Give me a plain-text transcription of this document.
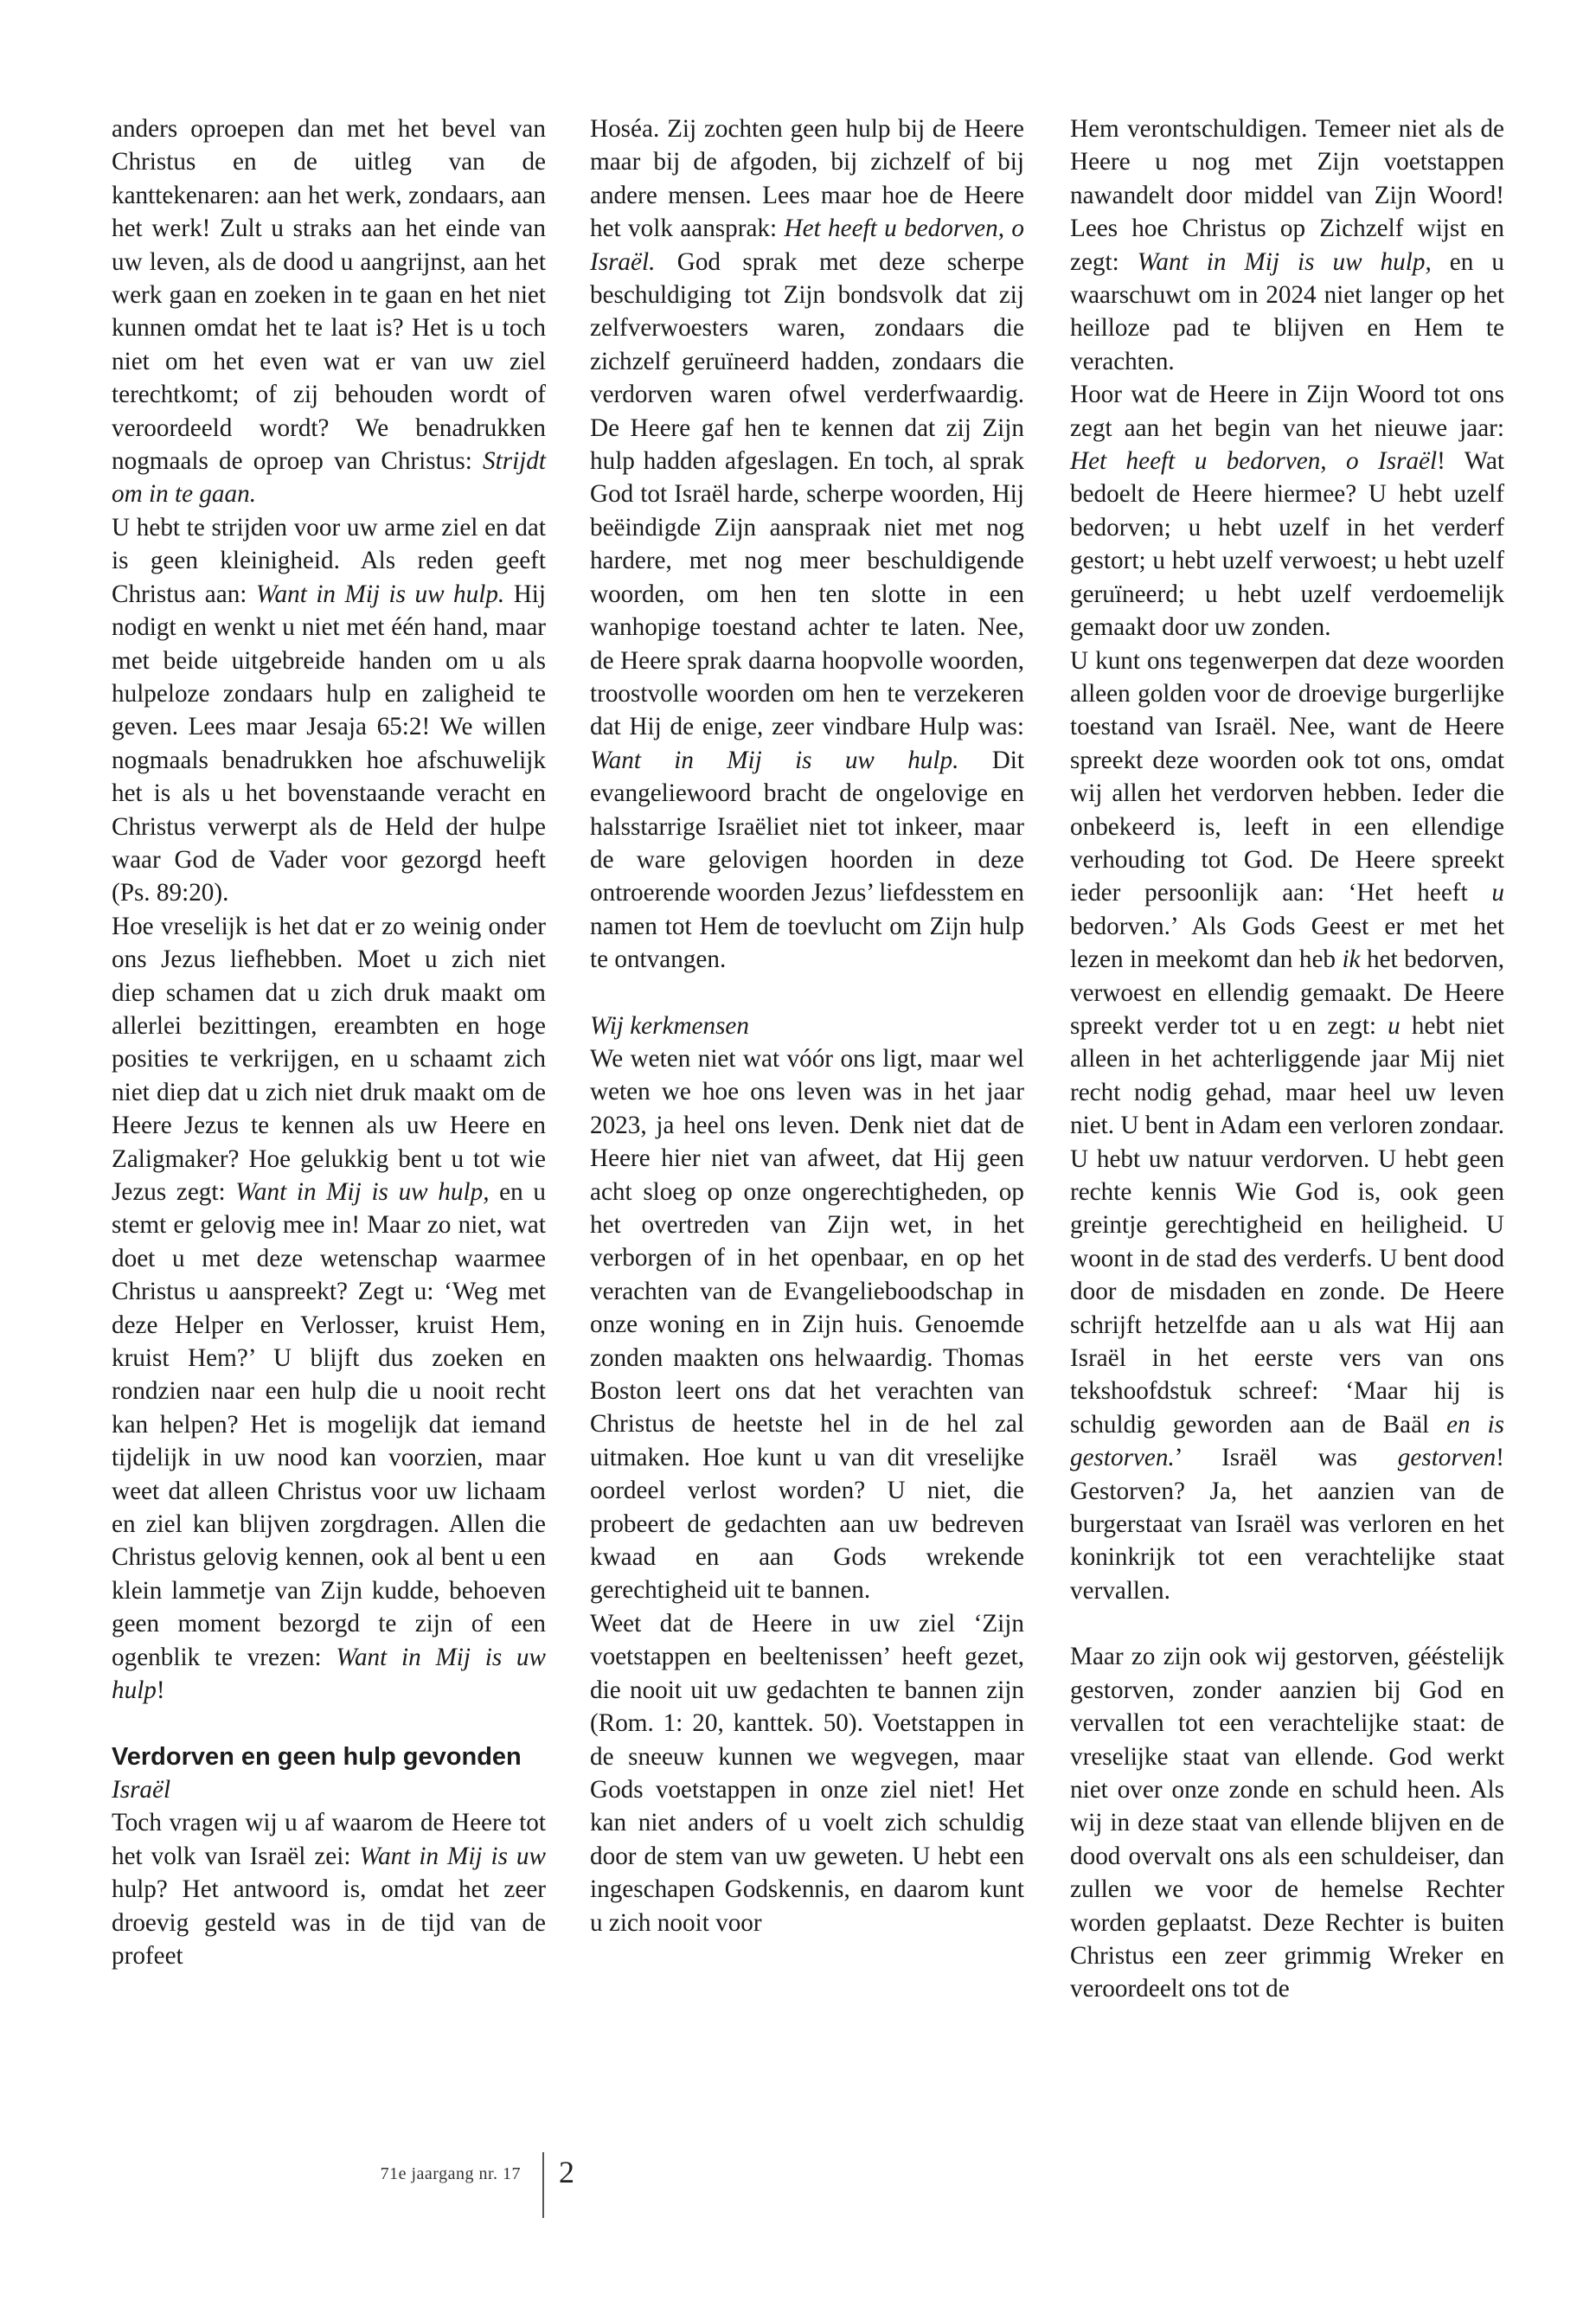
anders oproepen dan met het bevel van Christus en de uitleg van de kanttekenaren: aan het werk, zondaars, aan het werk! Zult u straks aan het einde van uw leven, als de dood u aangrijnst, aan het werk gaan en zoeken in te gaan en het niet kunnen omdat het te laat is? Het is u toch niet om het even wat er van uw ziel terechtkomt; of zij behouden wordt of veroordeeld wordt? We benadrukken nogmaals de oproep van Christus: Strijdt om in te gaan.

U hebt te strijden voor uw arme ziel en dat is geen kleinigheid. Als reden geeft Christus aan: Want in Mij is uw hulp. Hij nodigt en wenkt u niet met één hand, maar met beide uitgebreide handen om u als hulpeloze zondaars hulp en zaligheid te geven. Lees maar Jesaja 65:2! We willen nogmaals benadrukken hoe afschuwelijk het is als u het bovenstaande veracht en Christus verwerpt als de Held der hulpe waar God de Vader voor gezorgd heeft (Ps. 89:20).

Hoe vreselijk is het dat er zo weinig onder ons Jezus liefhebben. Moet u zich niet diep schamen dat u zich druk maakt om allerlei bezittingen, ereambten en hoge posities te verkrijgen, en u schaamt zich niet diep dat u zich niet druk maakt om de Heere Jezus te kennen als uw Heere en Zaligmaker? Hoe gelukkig bent u tot wie Jezus zegt: Want in Mij is uw hulp, en u stemt er gelovig mee in! Maar zo niet, wat doet u met deze wetenschap waarmee Christus u aanspreekt? Zegt u: ‘Weg met deze Helper en Verlosser, kruist Hem, kruist Hem?’ U blijft dus zoeken en rondzien naar een hulp die u nooit recht kan helpen? Het is mogelijk dat iemand tijdelijk in uw nood kan voorzien, maar weet dat alleen Christus voor uw lichaam en ziel kan blijven zorgdragen. Allen die Christus gelovig kennen, ook al bent u een klein lammetje van Zijn kudde, behoeven geen moment bezorgd te zijn of een ogenblik te vrezen: Want in Mij is uw hulp!

Verdorven en geen hulp gevonden

Israël

Toch vragen wij u af waarom de Heere tot het volk van Israël zei: Want in Mij is uw hulp? Het antwoord is, omdat het zeer droevig gesteld was in de tijd van de profeet

Hoséa. Zij zochten geen hulp bij de Heere maar bij de afgoden, bij zichzelf of bij andere mensen. Lees maar hoe de Heere het volk aansprak: Het heeft u bedorven, o Israël. God sprak met deze scherpe beschuldiging tot Zijn bondsvolk dat zij zelfverwoesters waren, zondaars die zichzelf geruïneerd hadden, zondaars die verdorven waren ofwel verderfwaardig. De Heere gaf hen te kennen dat zij Zijn hulp hadden afgeslagen. En toch, al sprak God tot Israël harde, scherpe woorden, Hij beëindigde Zijn aanspraak niet met nog hardere, met nog meer beschuldigende woorden, om hen ten slotte in een wanhopige toestand achter te laten. Nee, de Heere sprak daarna hoopvolle woorden, troostvolle woorden om hen te verzekeren dat Hij de enige, zeer vindbare Hulp was: Want in Mij is uw hulp. Dit evangeliewoord bracht de ongelovige en halsstarrige Israëliet niet tot inkeer, maar de ware gelovigen hoorden in deze ontroerende woorden Jezus’ liefdesstem en namen tot Hem de toevlucht om Zijn hulp te ontvangen.

Wij kerkmensen

We weten niet wat vóór ons ligt, maar wel weten we hoe ons leven was in het jaar 2023, ja heel ons leven. Denk niet dat de Heere hier niet van afweet, dat Hij geen acht sloeg op onze ongerechtigheden, op het overtreden van Zijn wet, in het verborgen of in het openbaar, en op het verachten van de Evangelieboodschap in onze woning en in Zijn huis. Genoemde zonden maakten ons helwaardig. Thomas Boston leert ons dat het verachten van Christus de heetste hel in de hel zal uitmaken. Hoe kunt u van dit vreselijke oordeel verlost worden? U niet, die probeert de gedachten aan uw bedreven kwaad en aan Gods wrekende gerechtigheid uit te bannen.

Weet dat de Heere in uw ziel ‘Zijn voetstappen en beeltenissen’ heeft gezet, die nooit uit uw gedachten te bannen zijn (Rom. 1: 20, kanttek. 50). Voetstappen in de sneeuw kunnen we wegvegen, maar Gods voetstappen in onze ziel niet! Het kan niet anders of u voelt zich schuldig door de stem van uw geweten. U hebt een ingeschapen Godskennis, en daarom kunt u zich nooit voor

Hem verontschuldigen. Temeer niet als de Heere u nog met Zijn voetstappen nawandelt door middel van Zijn Woord! Lees hoe Christus op Zichzelf wijst en zegt: Want in Mij is uw hulp, en u waarschuwt om in 2024 niet langer op het heilloze pad te blijven en Hem te verachten.

Hoor wat de Heere in Zijn Woord tot ons zegt aan het begin van het nieuwe jaar: Het heeft u bedorven, o Israël! Wat bedoelt de Heere hiermee? U hebt uzelf bedorven; u hebt uzelf in het verderf gestort; u hebt uzelf verwoest; u hebt uzelf geruïneerd; u hebt uzelf verdoemelijk gemaakt door uw zonden.

U kunt ons tegenwerpen dat deze woorden alleen golden voor de droevige burgerlijke toestand van Israël. Nee, want de Heere spreekt deze woorden ook tot ons, omdat wij allen het verdorven hebben. Ieder die onbekeerd is, leeft in een ellendige verhouding tot God. De Heere spreekt ieder persoonlijk aan: ‘Het heeft u bedorven.’ Als Gods Geest er met het lezen in meekomt dan heb ik het bedorven, verwoest en ellendig gemaakt. De Heere spreekt verder tot u en zegt: u hebt niet alleen in het achterliggende jaar Mij niet recht nodig gehad, maar heel uw leven niet. U bent in Adam een verloren zondaar. U hebt uw natuur verdorven. U hebt geen rechte kennis Wie God is, ook geen greintje gerechtigheid en heiligheid. U woont in de stad des verderfs. U bent dood door de misdaden en zonde. De Heere schrijft hetzelfde aan u als wat Hij aan Israël in het eerste vers van ons tekshoofdstuk schreef: ‘Maar hij is schuldig geworden aan de Baäl en is gestorven.’ Israël was gestorven! Gestorven? Ja, het aanzien van de burgerstaat van Israël was verloren en het koninkrijk tot een verachtelijke staat vervallen.

Maar zo zijn ook wij gestorven, gééstelijk gestorven, zonder aanzien bij God en vervallen tot een verachtelijke staat: de vreselijke staat van ellende. God werkt niet over onze zonde en schuld heen. Als wij in deze staat van ellende blijven en de dood overvalt ons als een schuldeiser, dan zullen we voor de hemelse Rechter worden geplaatst. Deze Rechter is buiten Christus een zeer grimmig Wreker en veroordeelt ons tot de

71e jaargang nr. 17 2
